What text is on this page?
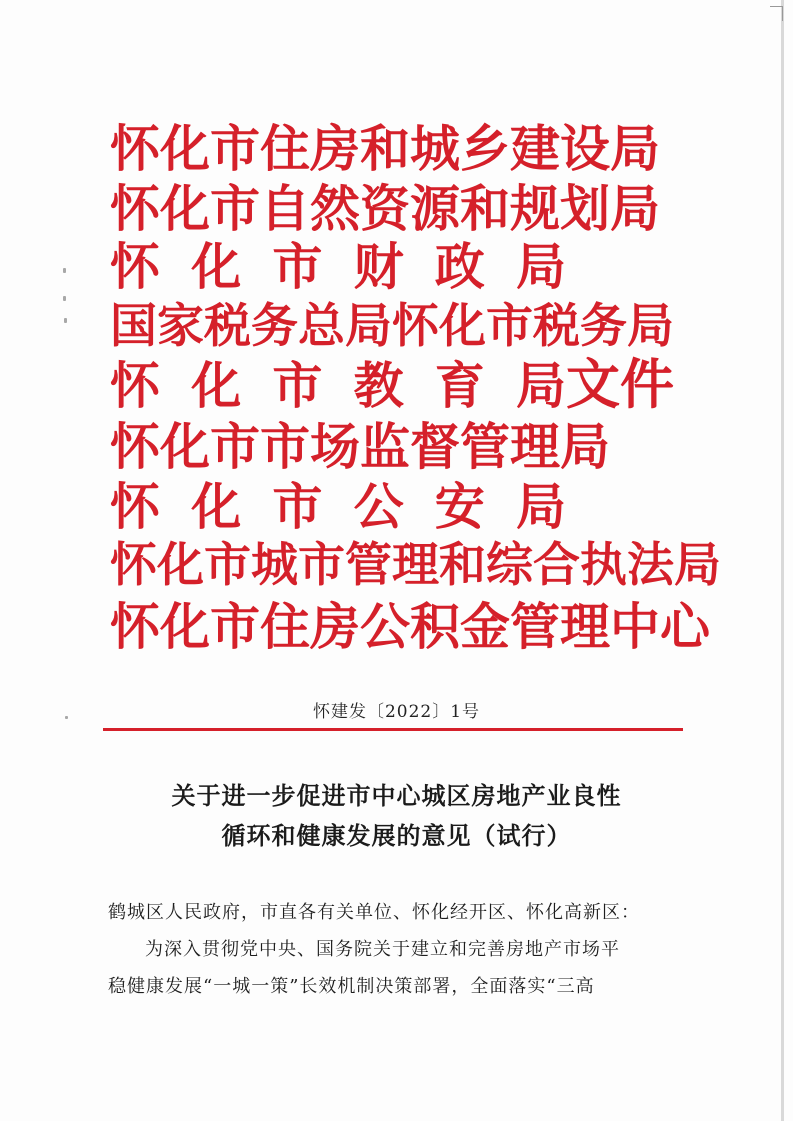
怀化市住房和城乡建设局
怀化市自然资源和规划局
怀 化 市 财 政 局
国家税务总局怀化市税务局
怀 化 市 教 育 局
怀化市市场监督管理局
怀 化 市 公 安 局
怀化市城市管理和综合执法局
怀化市住房公积金管理中心
文件
怀建发〔2022〕1号
关于进一步促进市中心城区房地产业良性
循环和健康发展的意见（试行）
鹤城区人民政府，市直各有关单位、怀化经开区、怀化高新区：
为深入贯彻党中央、国务院关于建立和完善房地产市场平
稳健康发展“一城一策”长效机制决策部署，全面落实“三高
